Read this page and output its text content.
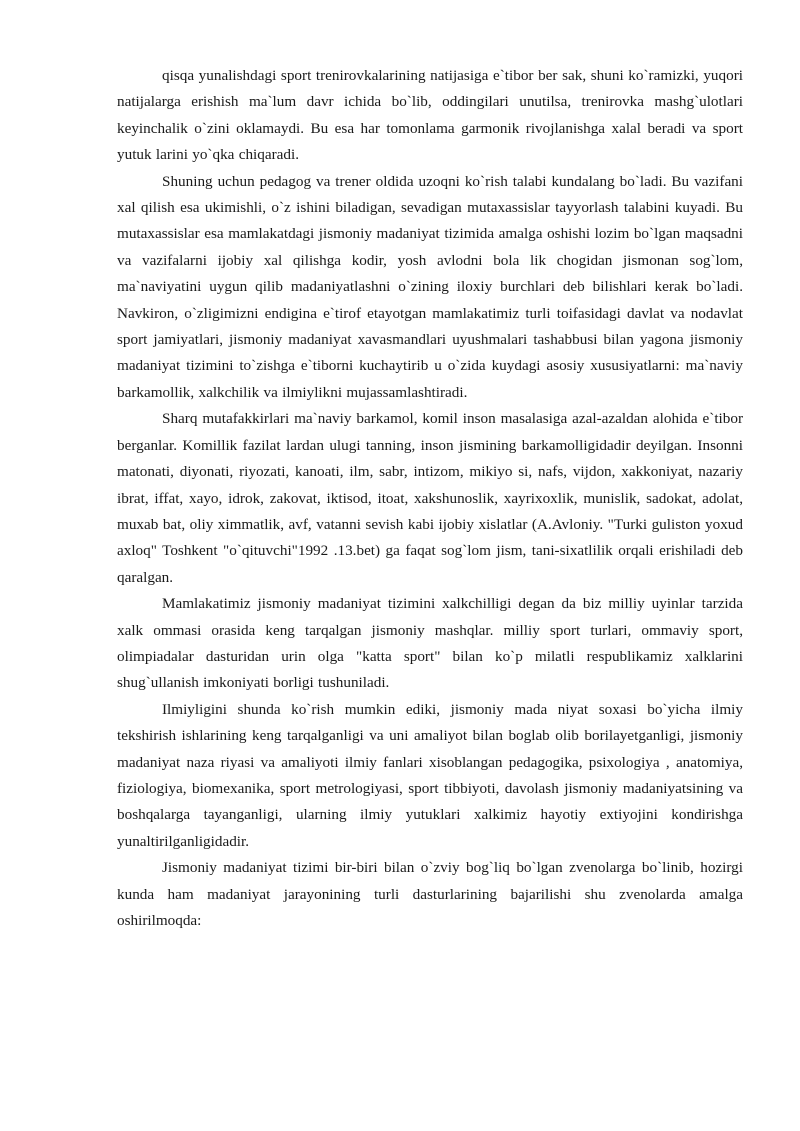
qisqa yunalishdagi sport trenirovkalarining natijasiga e`tibor ber sak, shuni ko`ramizki, yuqori natijalarga erishish ma`lum davr ichida bo`lib, oddingilari unutilsa, trenirovka mashg`ulotlari keyinchalik o`zini oklamaydi. Bu esa har tomonlama garmonik rivojlanishga xalal beradi va sport yutuk larini yo`qka chiqaradi.

Shuning uchun pedagog va trener oldida uzoqni ko`rish talabi kundalang bo`ladi. Bu vazifani xal qilish esa ukimishli, o`z ishini biladigan, sevadigan mutaxassislar tayyorlash talabini kuyadi. Bu mutaxassislar esa mamlakatdagi jismoniy madaniyat tizimida amalga oshishi lozim bo`lgan maqsadni va vazifalarni ijobiy xal qilishga kodir, yosh avlodni bola lik chogidan jismonan sog`lom, ma`naviyatini uygun qilib madaniyatlashni o`zining iloxiy burchlari deb bilishlari kerak bo`ladi. Navkiron, o`zligimizni endigina e`tirof etayotgan mamlakatimiz turli toifasidagi davlat va nodavlat sport jamiyatlari, jismoniy madaniyat xavasmandlari uyushmalari tashabbusi bilan yagona jismoniy madaniyat tizimini to`zishga e`tiborni kuchaytirib u o`zida kuydagi asosiy xususiyatlarni: ma`naviy barkamollik, xalkchilik va ilmiylikni mujassamlashtiradi.

Sharq mutafakkirlari ma`naviy barkamol, komil inson masalasiga azal-azaldan alohida e`tibor berganlar. Komillik fazilat lardan ulugi tanning, inson jismining barkamolligidadir deyilgan. Insonni matonati, diyonati, riyozati, kanoati, ilm, sabr, intizom, mikiyo si, nafs, vijdon, xakkoniyat, nazariy ibrat, iffat, xayo, idrok, zakovat, iktisod, itoat, xakshunoslik, xayrixoxlik, munislik, sadokat, adolat, muxab bat, oliy ximmatlik, avf, vatanni sevish kabi ijobiy xislatlar (A.Avloniy. "Turki guliston yoxud axloq" Toshkent "o`qituvchi"1992 .13.bet) ga faqat sog`lom jism, tani-sixatlilik orqali erishiladi deb qaralgan.

Mamlakatimiz jismoniy madaniyat tizimini xalkchilligi degan da biz milliy uyinlar tarzida xalk ommasi orasida keng tarqalgan jismoniy mashqlar. milliy sport turlari, ommaviy sport, olimpiadalar dasturidan urin olga "katta sport" bilan ko`p milatli respublikamiz xalklarini shug`ullanish imkoniyati borligi tushuniladi.

Ilmiyligini shunda ko`rish mumkin ediki, jismoniy mada niyat soxasi bo`yicha ilmiy tekshirish ishlarining keng tarqalganligi va uni amaliyot bilan boglab olib borilayetganligi, jismoniy madaniyat naza riyasi va amaliyoti ilmiy fanlari xisoblangan pedagogika, psixologiya , anatomiya, fiziologiya, biomexanika, sport metrologiyasi, sport tibbiyoti, davolash jismoniy madaniyatsining va boshqalarga tayanganligi, ularning ilmiy yutuklari xalkimiz hayotiy extiyojini kondirishga yunaltirilganligidadir.

Jismoniy madaniyat tizimi bir-biri bilan o`zviy bog`liq bo`lgan zvenolarga bo`linib, hozirgi kunda ham madaniyat jarayonining turli dasturlarining bajarilishi shu zvenolarda amalga oshirilmoqda:
